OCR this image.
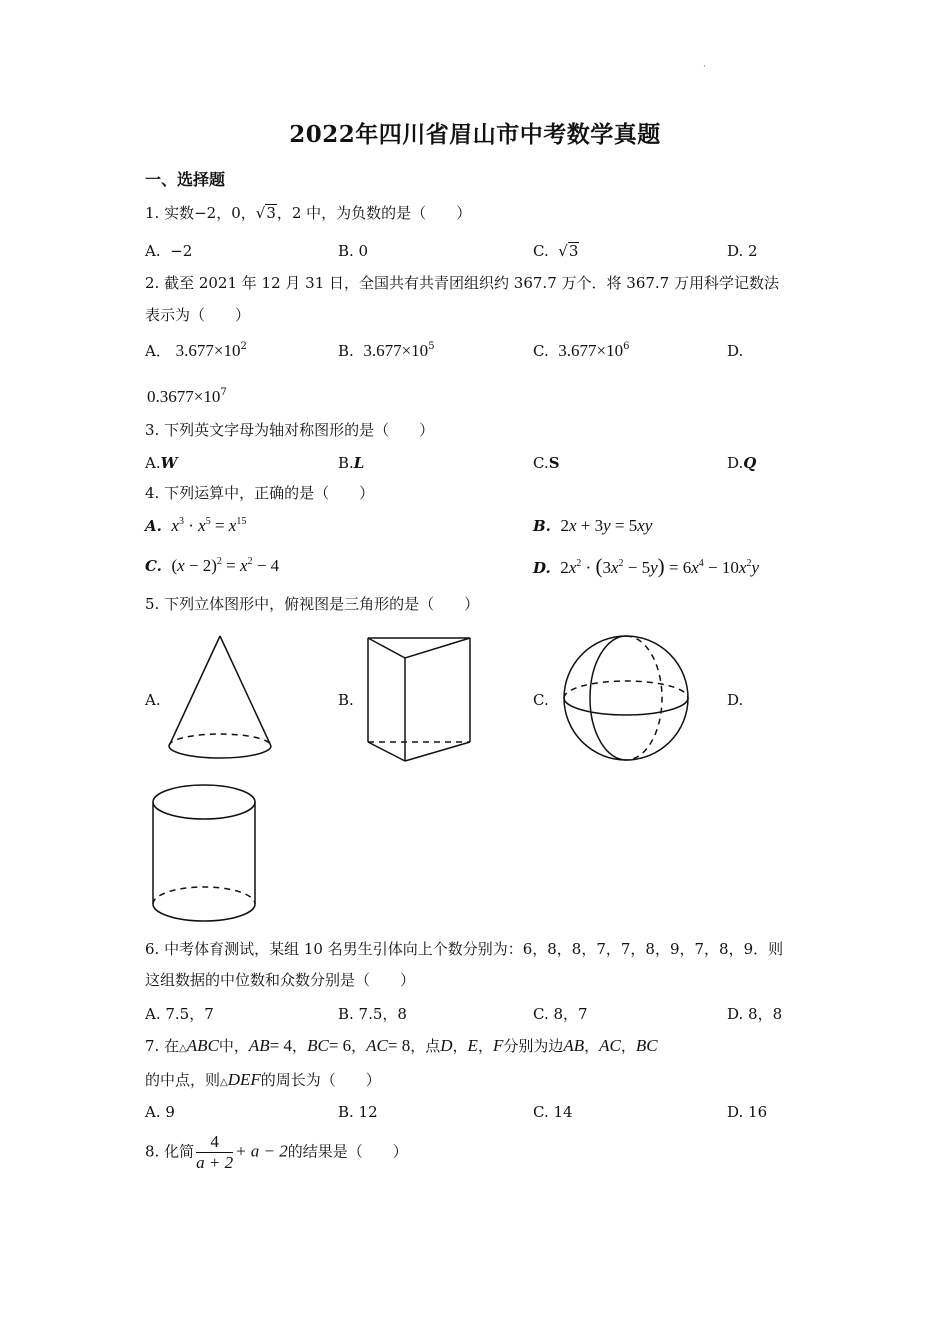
·
2022年四川省眉山市中考数学真题
一、选择题
1. 实数−2，0，√3，2 中，为负数的是（　　）
A. −2	B. 0	C. √3	D. 2
2. 截至 2021 年 12 月 31 日，全国共有共青团组织约 367.7 万个．将 367.7 万用科学记数法
表示为（　　）
A． $3.677\times 10^2$	B. $3.677\times 10^5$	C. $3.677\times 10^6$	D.
$0.3677\times 10^7$
3. 下列英文字母为轴对称图形的是（　　）
A.W	B.L	C.S	D.Q
4. 下列运算中，正确的是（　　）
A. $x^3 \cdot x^5 = x^{15}$	B. 2x + 3y = 5xy
C. $(x - 2)^2 = x^2 - 4$	D. $2x^2 \cdot (3x^2 - 5y) = 6x^4 - 10x^2y$
5. 下列立体图形中，俯视图是三角形的是（　　）
A.	B.	C.	D.
6. 中考体育测试，某组 10 名男生引体向上个数分别为：6，8，8，7，7，8，9，7，8，9．则
这组数据的中位数和众数分别是（　　）
A. 7.5，7	B. 7.5，8	C. 8，7	D. 8，8
7. 在△ABC中，AB= 4，BC= 6，AC= 8，点D，E，F分别为边AB，AC，BC
的中点，则△DEF的周长为（　　）
A. 9	B. 12	C. 14	D. 16
8. 化简 $\frac{4}{a + 2} + a - 2$的结果是（　　）
